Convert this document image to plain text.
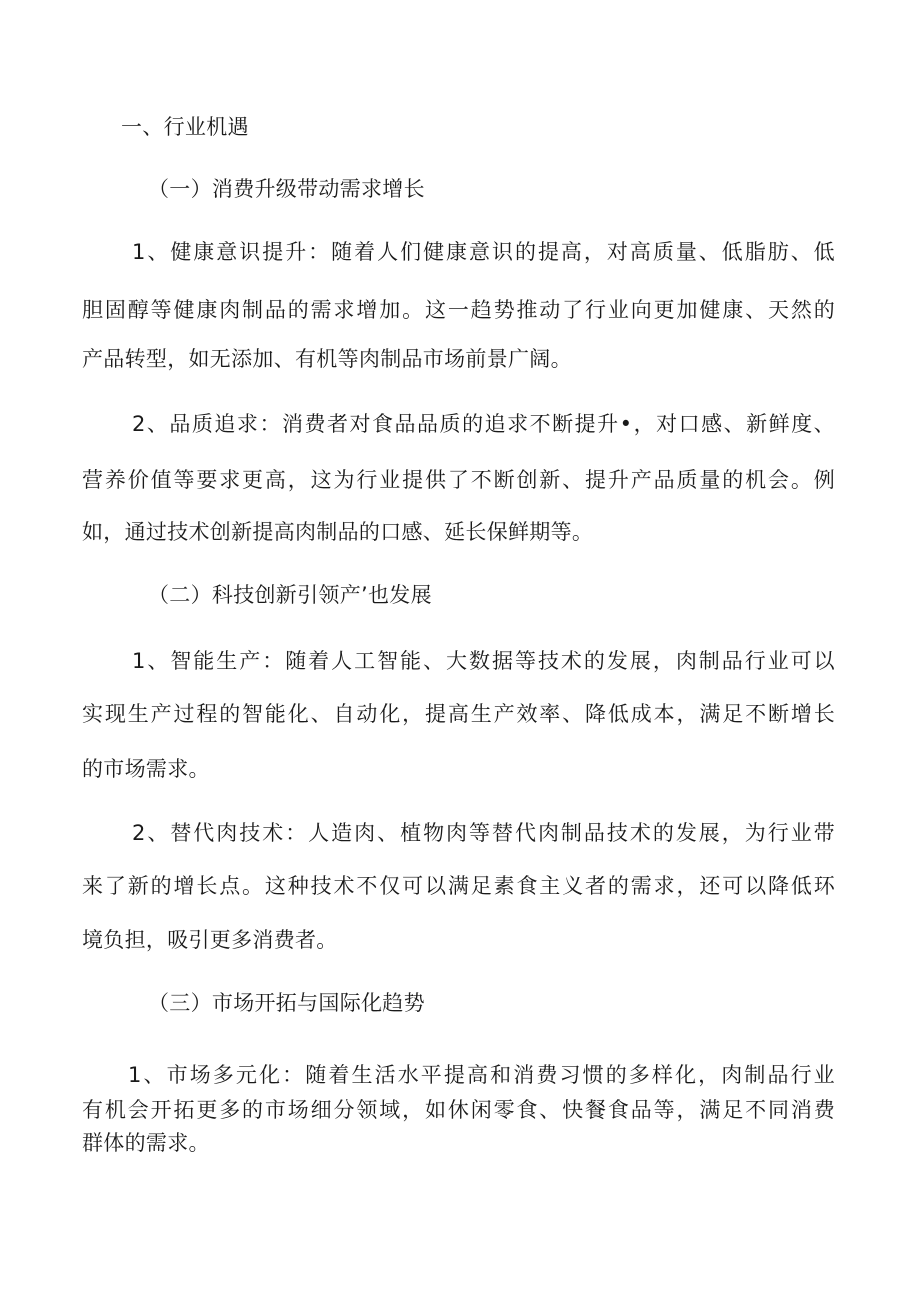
一、行业机遇
（一）消费升级带动需求增长
1、健康意识提升：随着人们健康意识的提高，对高质量、低脂肪、低
胆固醇等健康肉制品的需求增加。这一趋势推动了行业向更加健康、天然的
产品转型，如无添加、有机等肉制品市场前景广阔。
2、品质追求：消费者对食品品质的追求不断提升•，对口感、新鲜度、
营养价值等要求更高，这为行业提供了不断创新、提升产品质量的机会。例
如，通过技术创新提高肉制品的口感、延长保鲜期等。
（二）科技创新引领产’也发展
1、智能生产：随着人工智能、大数据等技术的发展，肉制品行业可以
实现生产过程的智能化、自动化，提高生产效率、降低成本，满足不断增长
的市场需求。
2、替代肉技术：人造肉、植物肉等替代肉制品技术的发展，为行业带
来了新的增长点。这种技术不仅可以满足素食主义者的需求，还可以降低环
境负担，吸引更多消费者。
（三）市场开拓与国际化趋势
1、市场多元化：随着生活水平提高和消费习惯的多样化，肉制品行业
有机会开拓更多的市场细分领域，如休闲零食、快餐食品等，满足不同消费
群体的需求。
